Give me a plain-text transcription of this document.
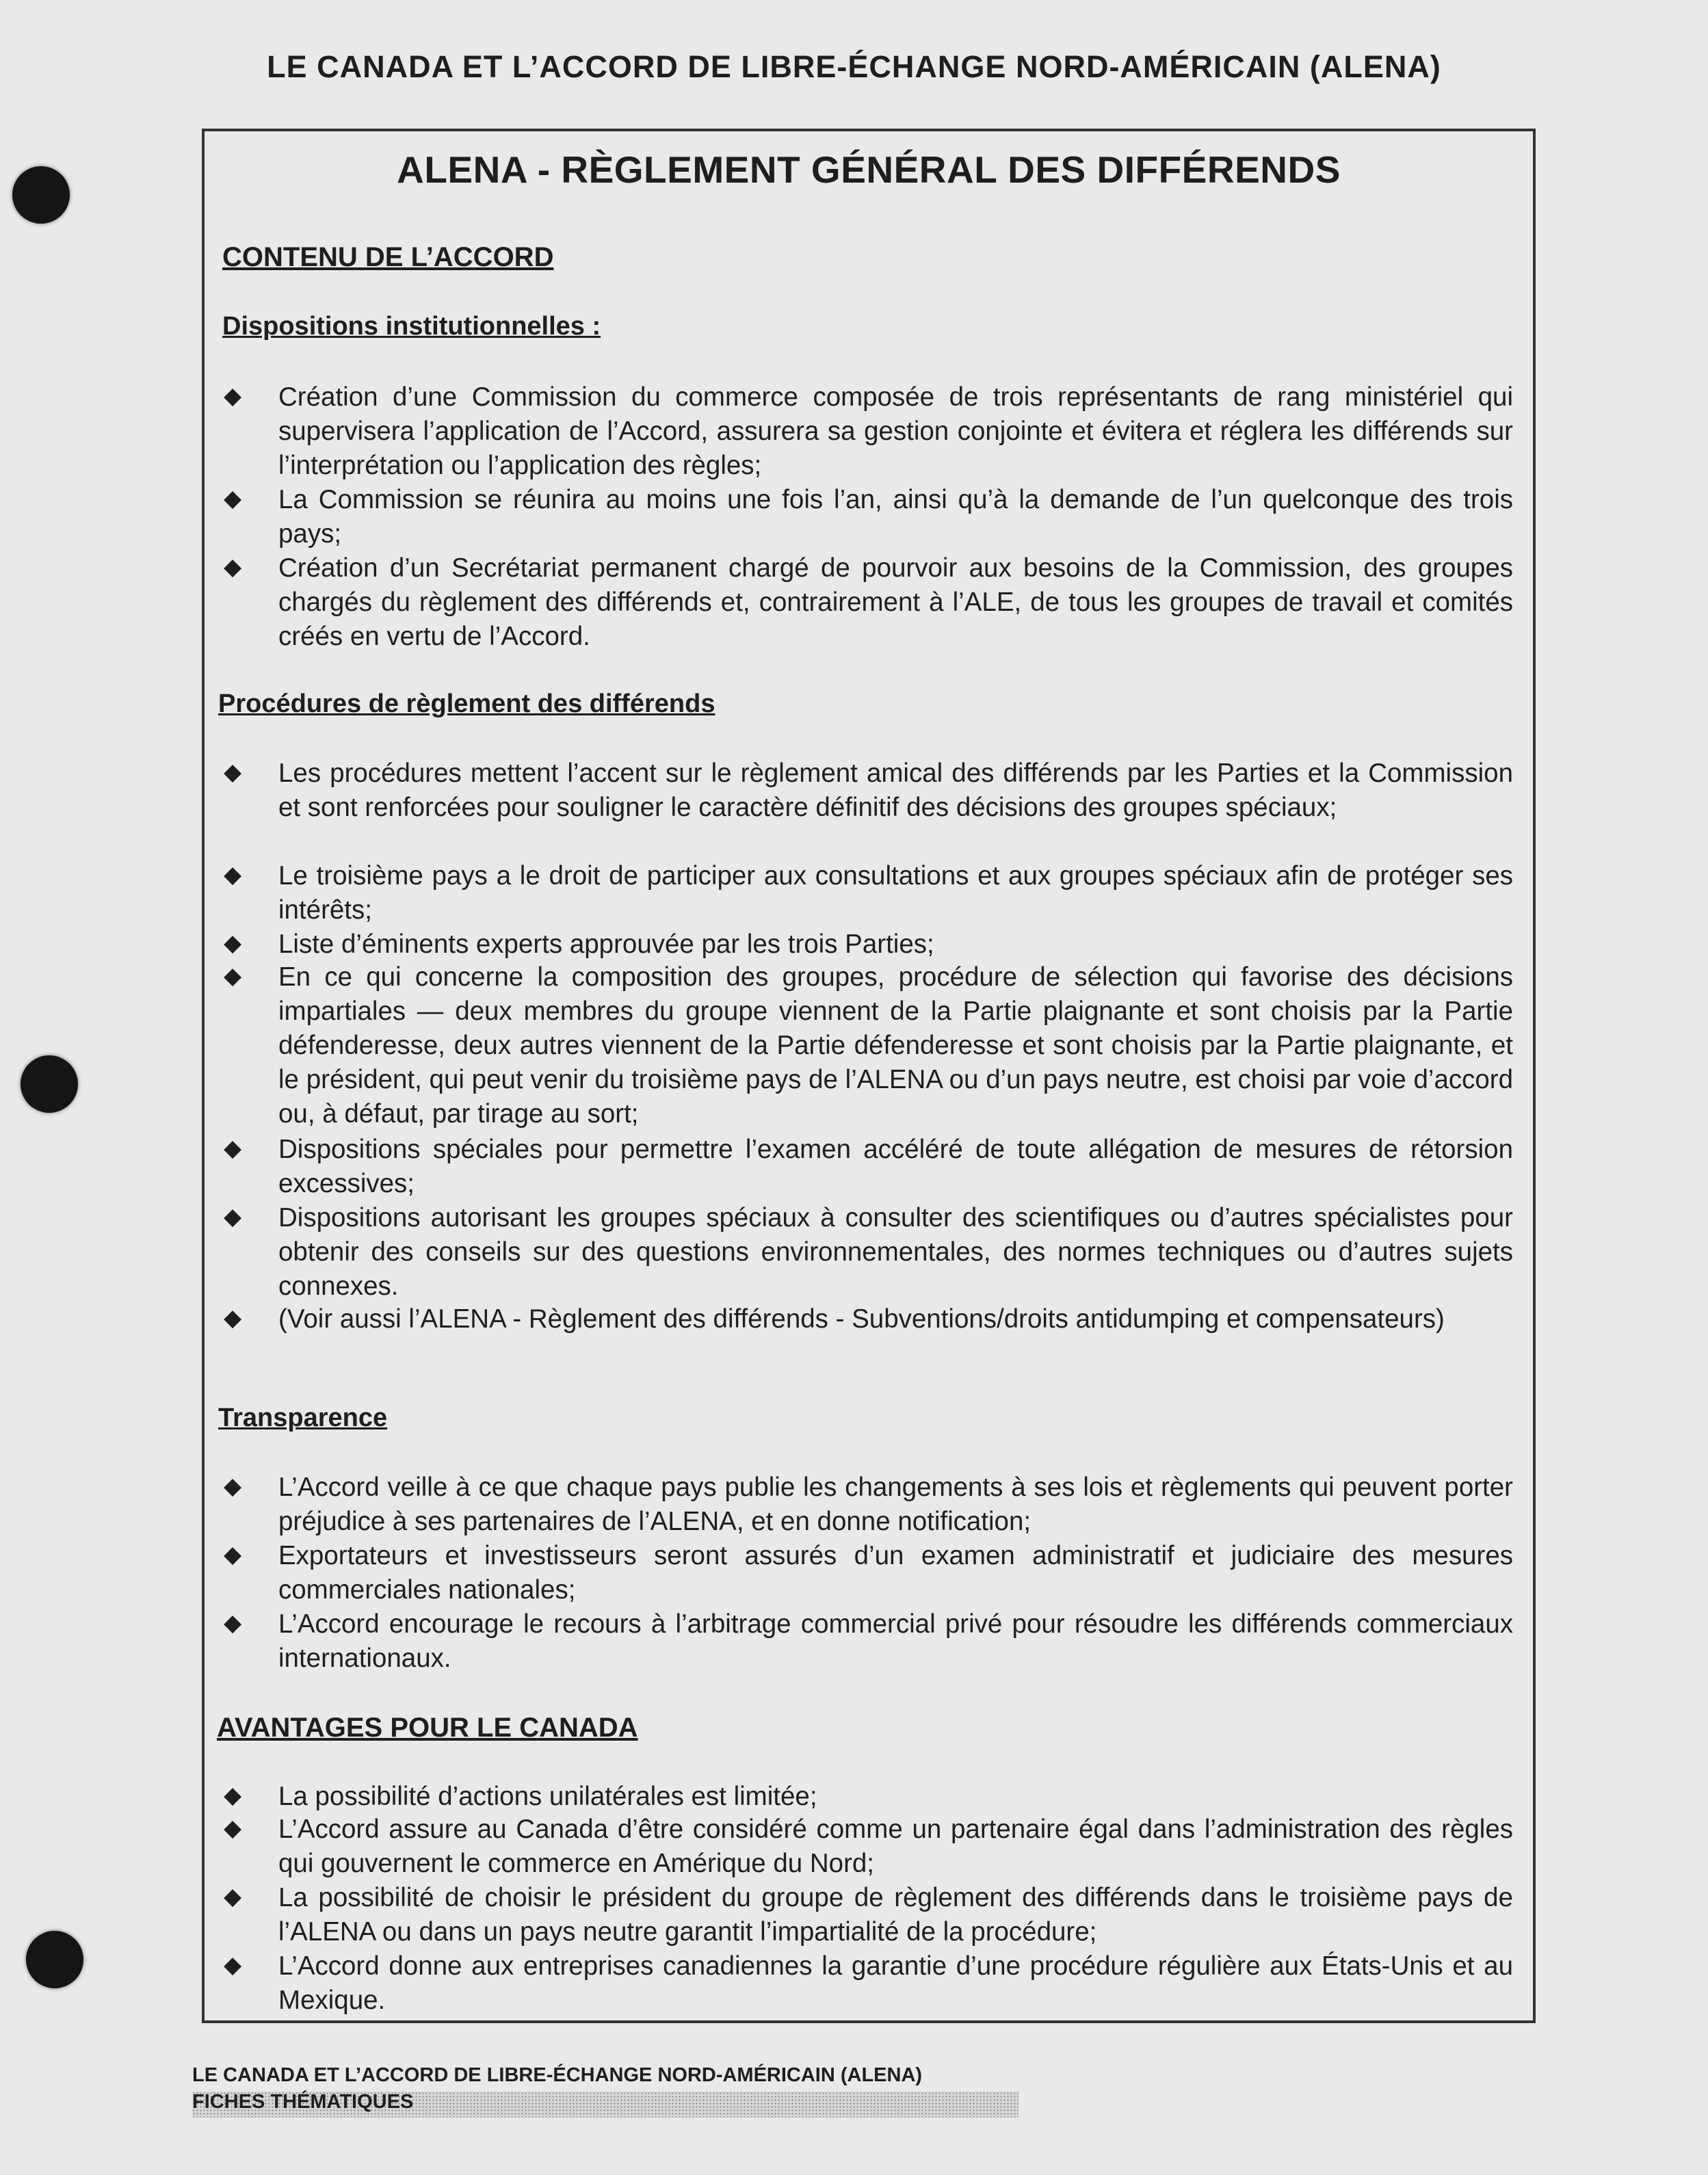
LE CANADA ET L’ACCORD DE LIBRE-ÉCHANGE NORD-AMÉRICAIN (ALENA)
ALENA - RÈGLEMENT GÉNÉRAL DES DIFFÉRENDS
CONTENU DE L’ACCORD
Dispositions institutionnelles :
◆ Création d’une Commission du commerce composée de trois représentants de rang ministériel qui supervisera l’application de l’Accord, assurera sa gestion conjointe et évitera et réglera les différends sur l’interprétation ou l’application des règles;
◆ La Commission se réunira au moins une fois l’an, ainsi qu’à la demande de l’un quelconque des trois pays;
◆ Création d’un Secrétariat permanent chargé de pourvoir aux besoins de la Commission, des groupes chargés du règlement des différends et, contrairement à l’ALE, de tous les groupes de travail et comités créés en vertu de l’Accord.
Procédures de règlement des différends
◆ Les procédures mettent l’accent sur le règlement amical des différends par les Parties et la Commission et sont renforcées pour souligner le caractère définitif des décisions des groupes spéciaux;
◆ Le troisième pays a le droit de participer aux consultations et aux groupes spéciaux afin de protéger ses intérêts;
◆ Liste d’éminents experts approuvée par les trois Parties;
◆ En ce qui concerne la composition des groupes, procédure de sélection qui favorise des décisions impartiales — deux membres du groupe viennent de la Partie plaignante et sont choisis par la Partie défenderesse, deux autres viennent de la Partie défenderesse et sont choisis par la Partie plaignante, et le président, qui peut venir du troisième pays de l’ALENA ou d’un pays neutre, est choisi par voie d’accord ou, à défaut, par tirage au sort;
◆ Dispositions spéciales pour permettre l’examen accéléré de toute allégation de mesures de rétorsion excessives;
◆ Dispositions autorisant les groupes spéciaux à consulter des scientifiques ou d’autres spécialistes pour obtenir des conseils sur des questions environnementales, des normes techniques ou d’autres sujets connexes.
◆ (Voir aussi l’ALENA - Règlement des différends - Subventions/droits antidumping et compensateurs)
Transparence
◆ L’Accord veille à ce que chaque pays publie les changements à ses lois et règlements qui peuvent porter préjudice à ses partenaires de l’ALENA, et en donne notification;
◆ Exportateurs et investisseurs seront assurés d’un examen administratif et judiciaire des mesures commerciales nationales;
◆ L’Accord encourage le recours à l’arbitrage commercial privé pour résoudre les différends commerciaux internationaux.
AVANTAGES POUR LE CANADA
◆ La possibilité d’actions unilatérales est limitée;
◆ L’Accord assure au Canada d’être considéré comme un partenaire égal dans l’administration des règles qui gouvernent le commerce en Amérique du Nord;
◆ La possibilité de choisir le président du groupe de règlement des différends dans le troisième pays de l’ALENA ou dans un pays neutre garantit l’impartialité de la procédure;
◆ L’Accord donne aux entreprises canadiennes la garantie d’une procédure régulière aux États-Unis et au Mexique.
LE CANADA ET L’ACCORD DE LIBRE-ÉCHANGE NORD-AMÉRICAIN (ALENA)
FICHES THÉMATIQUES
